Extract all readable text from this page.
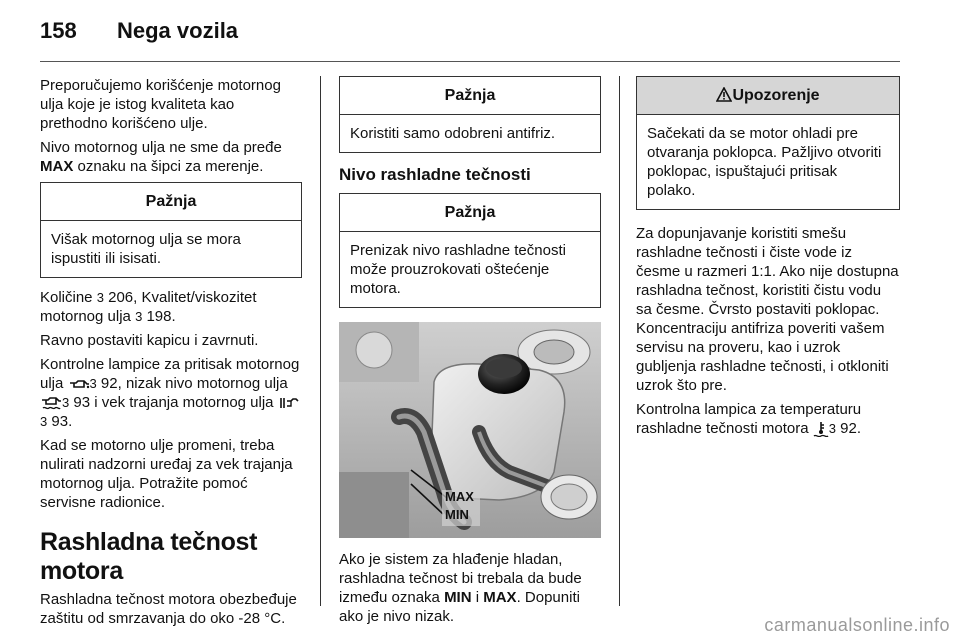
158 Nega vozila

Preporučujemo korišćenje motornog ulja koje je istog kvaliteta kao prethodno korišćeno ulje.

Nivo motornog ulja ne sme da pređe MAX oznaku na šipci za merenje.

Pažnja
Višak motornog ulja se mora ispustiti ili isisati.

Količine 3 206, Kvalitet/viskozitet motornog ulja 3 198.

Ravno postaviti kapicu i zavrnuti.

Kontrolne lampice za pritisak motornog ulja 3 92, nizak nivo motornog ulja 3 93 i vek trajanja motornog ulja 3 93.

Kad se motorno ulje promeni, treba nulirati nadzorni uređaj za vek trajanja motornog ulja. Potražite pomoć servisne radionice.

Rashladna tečnost motora

Rashladna tečnost motora obezbeđuje zaštitu od smrzavanja do oko -28 °C.

Pažnja
Koristiti samo odobreni antifriz.
Nivo rashladne tečnosti
Pažnja
Prenizak nivo rashladne tečnosti može prouzrokovati oštećenje motora.
MAX
MIN

Ako je sistem za hlađenje hladan, rashladna tečnost bi trebala da bude između oznaka MIN i MAX. Dopuniti ako je nivo nizak.

Upozorenje
Sačekati da se motor ohladi pre otvaranja poklopca. Pažljivo otvoriti poklopac, ispuštajući pritisak polako.

Za dopunjavanje koristiti smešu rashladne tečnosti i čiste vode iz česme u razmeri 1:1. Ako nije dostupna rashladna tečnost, koristiti čistu vodu sa česme. Čvrsto postaviti poklopac. Koncentraciju antifriza poveriti vašem servisu na proveru, kao i uzrok gubljenja rashladne tečnosti, i otkloniti uzrok što pre.

Kontrolna lampica za temperaturu rashladne tečnosti motora 3 92.

carmanualsonline.info
